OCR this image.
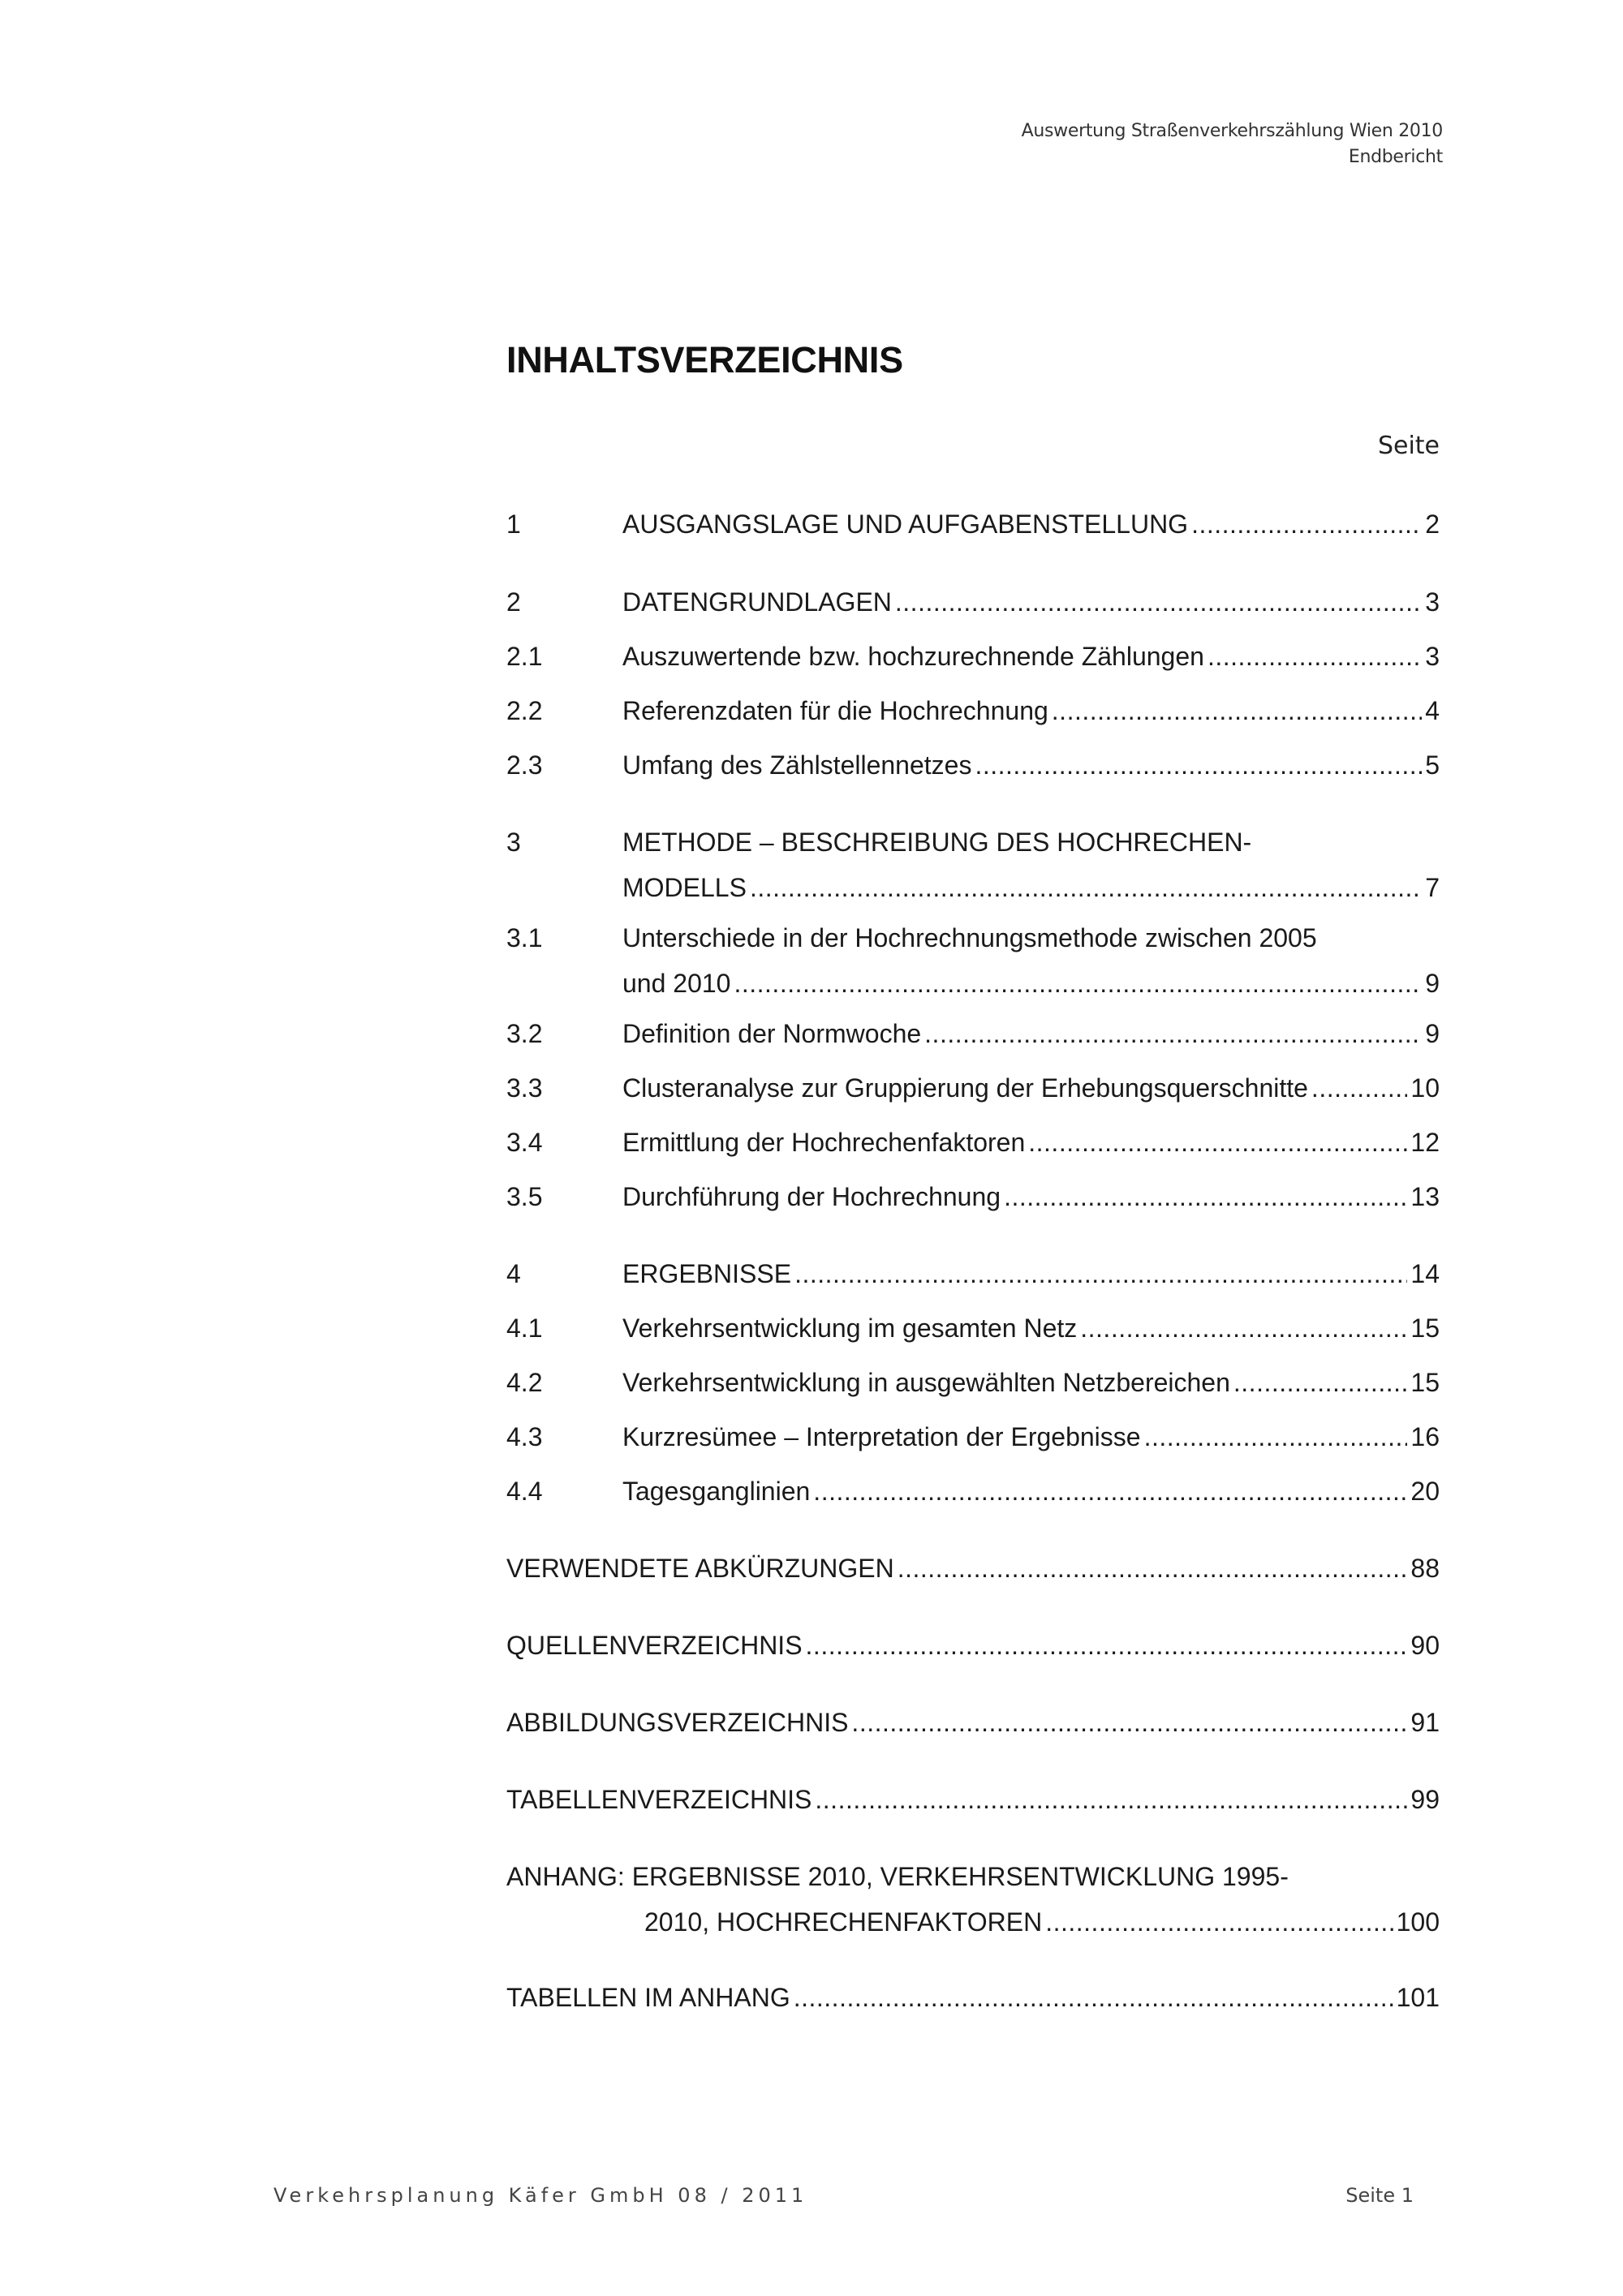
Auswertung Straßenverkehrszählung Wien 2010
Endbericht
INHALTSVERZEICHNIS
Seite
1	AUSGANGSLAGE UND AUFGABENSTELLUNG .....	2
2	DATENGRUNDLAGEN .....	3
2.1	Auszuwertende bzw. hochzurechnende Zählungen .....	3
2.2	Referenzdaten für die Hochrechnung .....	4
2.3	Umfang des Zählstellennetzes .....	5
3	METHODE – BESCHREIBUNG DES HOCHRECHEN-
MODELLS .....	7
3.1	Unterschiede in der Hochrechnungsmethode zwischen 2005
und 2010 .....	9
3.2	Definition der Normwoche .....	9
3.3	Clusteranalyse zur Gruppierung der Erhebungsquerschnitte .....	10
3.4	Ermittlung der Hochrechenfaktoren .....	12
3.5	Durchführung der Hochrechnung .....	13
4	ERGEBNISSE .....	14
4.1	Verkehrsentwicklung im gesamten Netz .....	15
4.2	Verkehrsentwicklung in ausgewählten Netzbereichen .....	15
4.3	Kurzresümee – Interpretation der Ergebnisse .....	16
4.4	Tagesganglinien .....	20
VERWENDETE ABKÜRZUNGEN .....	88
QUELLENVERZEICHNIS .....	90
ABBILDUNGSVERZEICHNIS .....	91
TABELLENVERZEICHNIS .....	99
ANHANG: ERGEBNISSE 2010, VERKEHRSENTWICKLUNG 1995-
2010, HOCHRECHENFAKTOREN .....	100
TABELLEN IM ANHANG .....	101
Verkehrsplanung Käfer GmbH 08 / 2011	Seite 1
